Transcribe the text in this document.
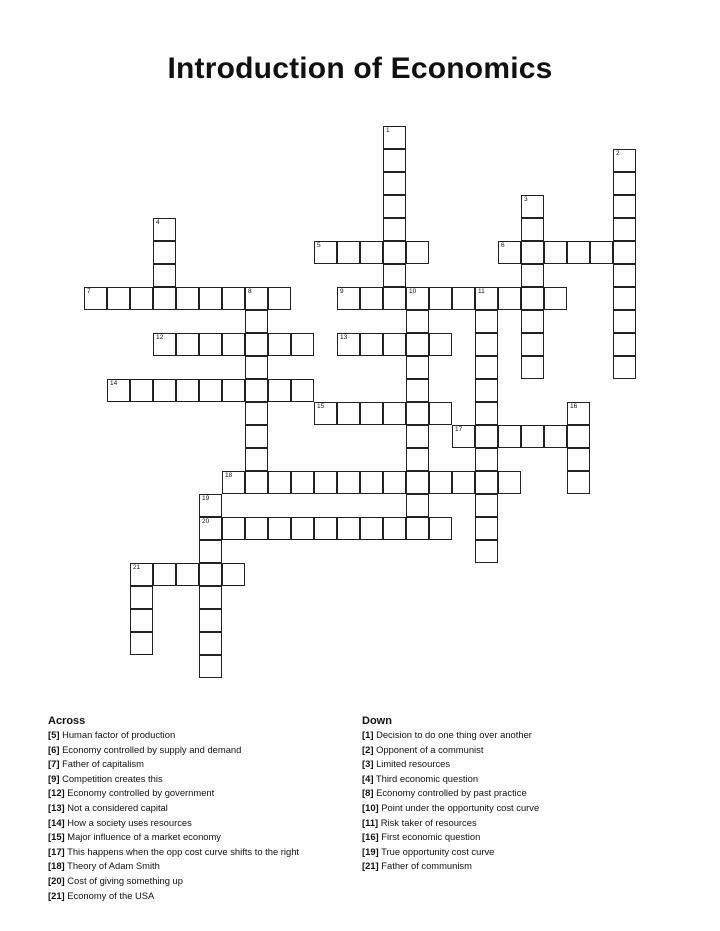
Introduction of Economics
5	6
7	8	9	10	11
12	13
14
15
17
18
20
21
1
2
3
4
16
19
Across
[5] Human factor of production
[6] Economy controlled by supply and demand
[7] Father of capitalism
[9] Competition creates this
[12] Economy controlled by government
[13] Not a considered capital
[14] How a society uses resources
[15] Major influence of a market economy
[17] This happens when the opp cost curve shifts to the right
[18] Theory of Adam Smith
[20] Cost of giving something up
[21] Economy of the USA
Down
[1] Decision to do one thing over another
[2] Opponent of a communist
[3] Limited resources
[4] Third economic question
[8] Economy controlled by past practice
[10] Point under the opportunity cost curve
[11] Risk taker of resources
[16] First economic question
[19] True opportunity cost curve
[21] Father of communism
